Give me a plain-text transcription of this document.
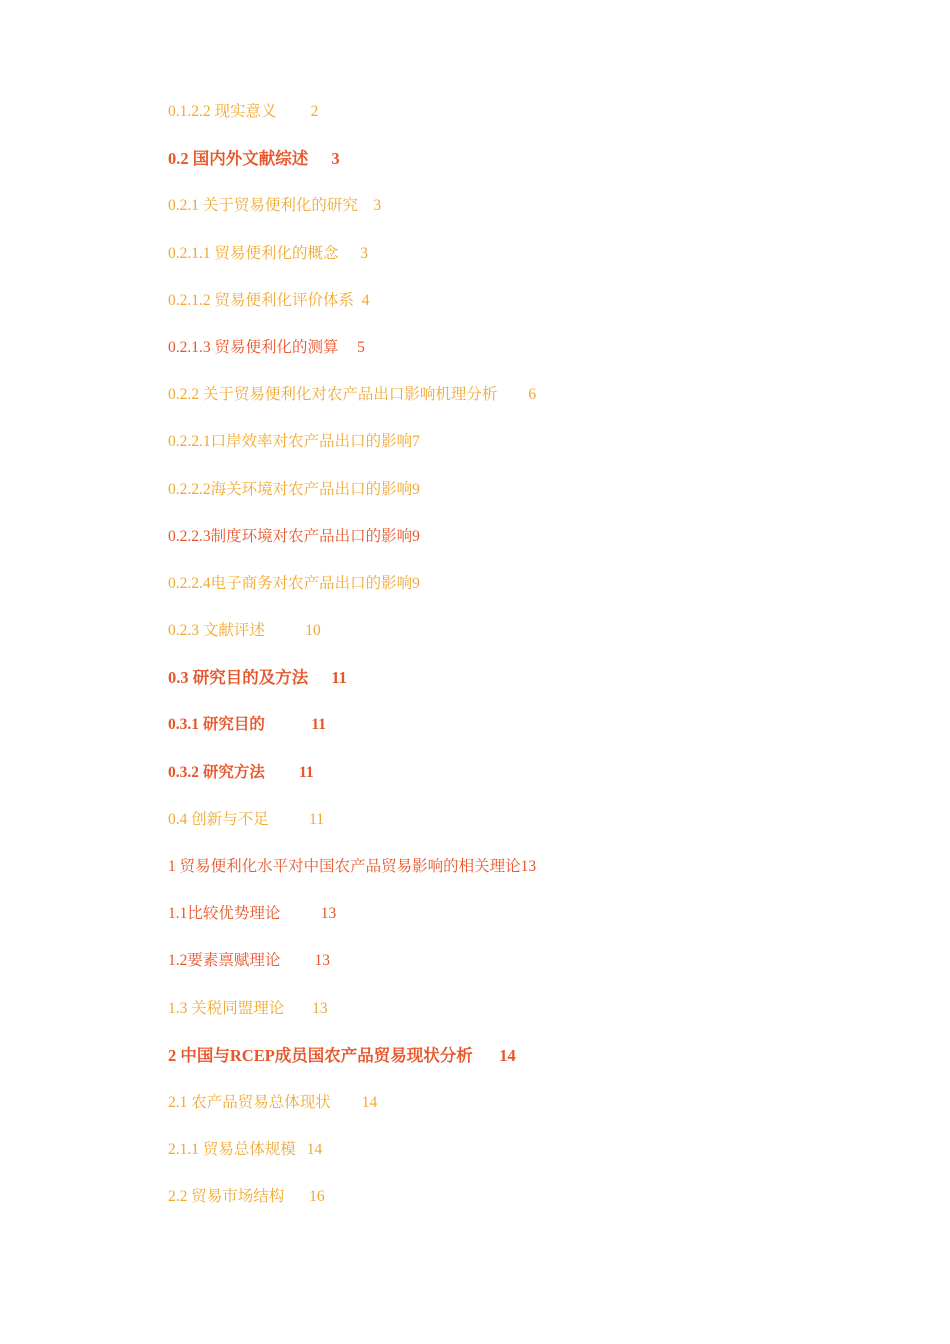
0.1.2.2 现实意义 2
0.2 国内外文献综述 3
0.2.1 关于贸易便利化的研究 3
0.2.1.1 贸易便利化的概念 3
0.2.1.2 贸易便利化评价体系 4
0.2.1.3 贸易便利化的测算 5
0.2.2 关于贸易便利化对农产品出口影响机理分析 6
0.2.2.1口岸效率对农产品出口的影响7
0.2.2.2海关环境对农产品出口的影响9
0.2.2.3制度环境对农产品出口的影响9
0.2.2.4电子商务对农产品出口的影响9
0.2.3 文献评述	10
0.3 研究目的及方法 11
0.3.1 研究目的	11
0.3.2 研究方法 11
0.4 创新与不足	11
1 贸易便利化水平对中国农产品贸易影响的相关理论13
1.1比较优势理论	13
1.2要素禀赋理论 13
1.3 关税同盟理论 13
2 中国与RCEP成员国农产品贸易现状分析 14
2.1 农产品贸易总体现状 14
2.1.1 贸易总体规模 14
2.2 贸易市场结构 16
